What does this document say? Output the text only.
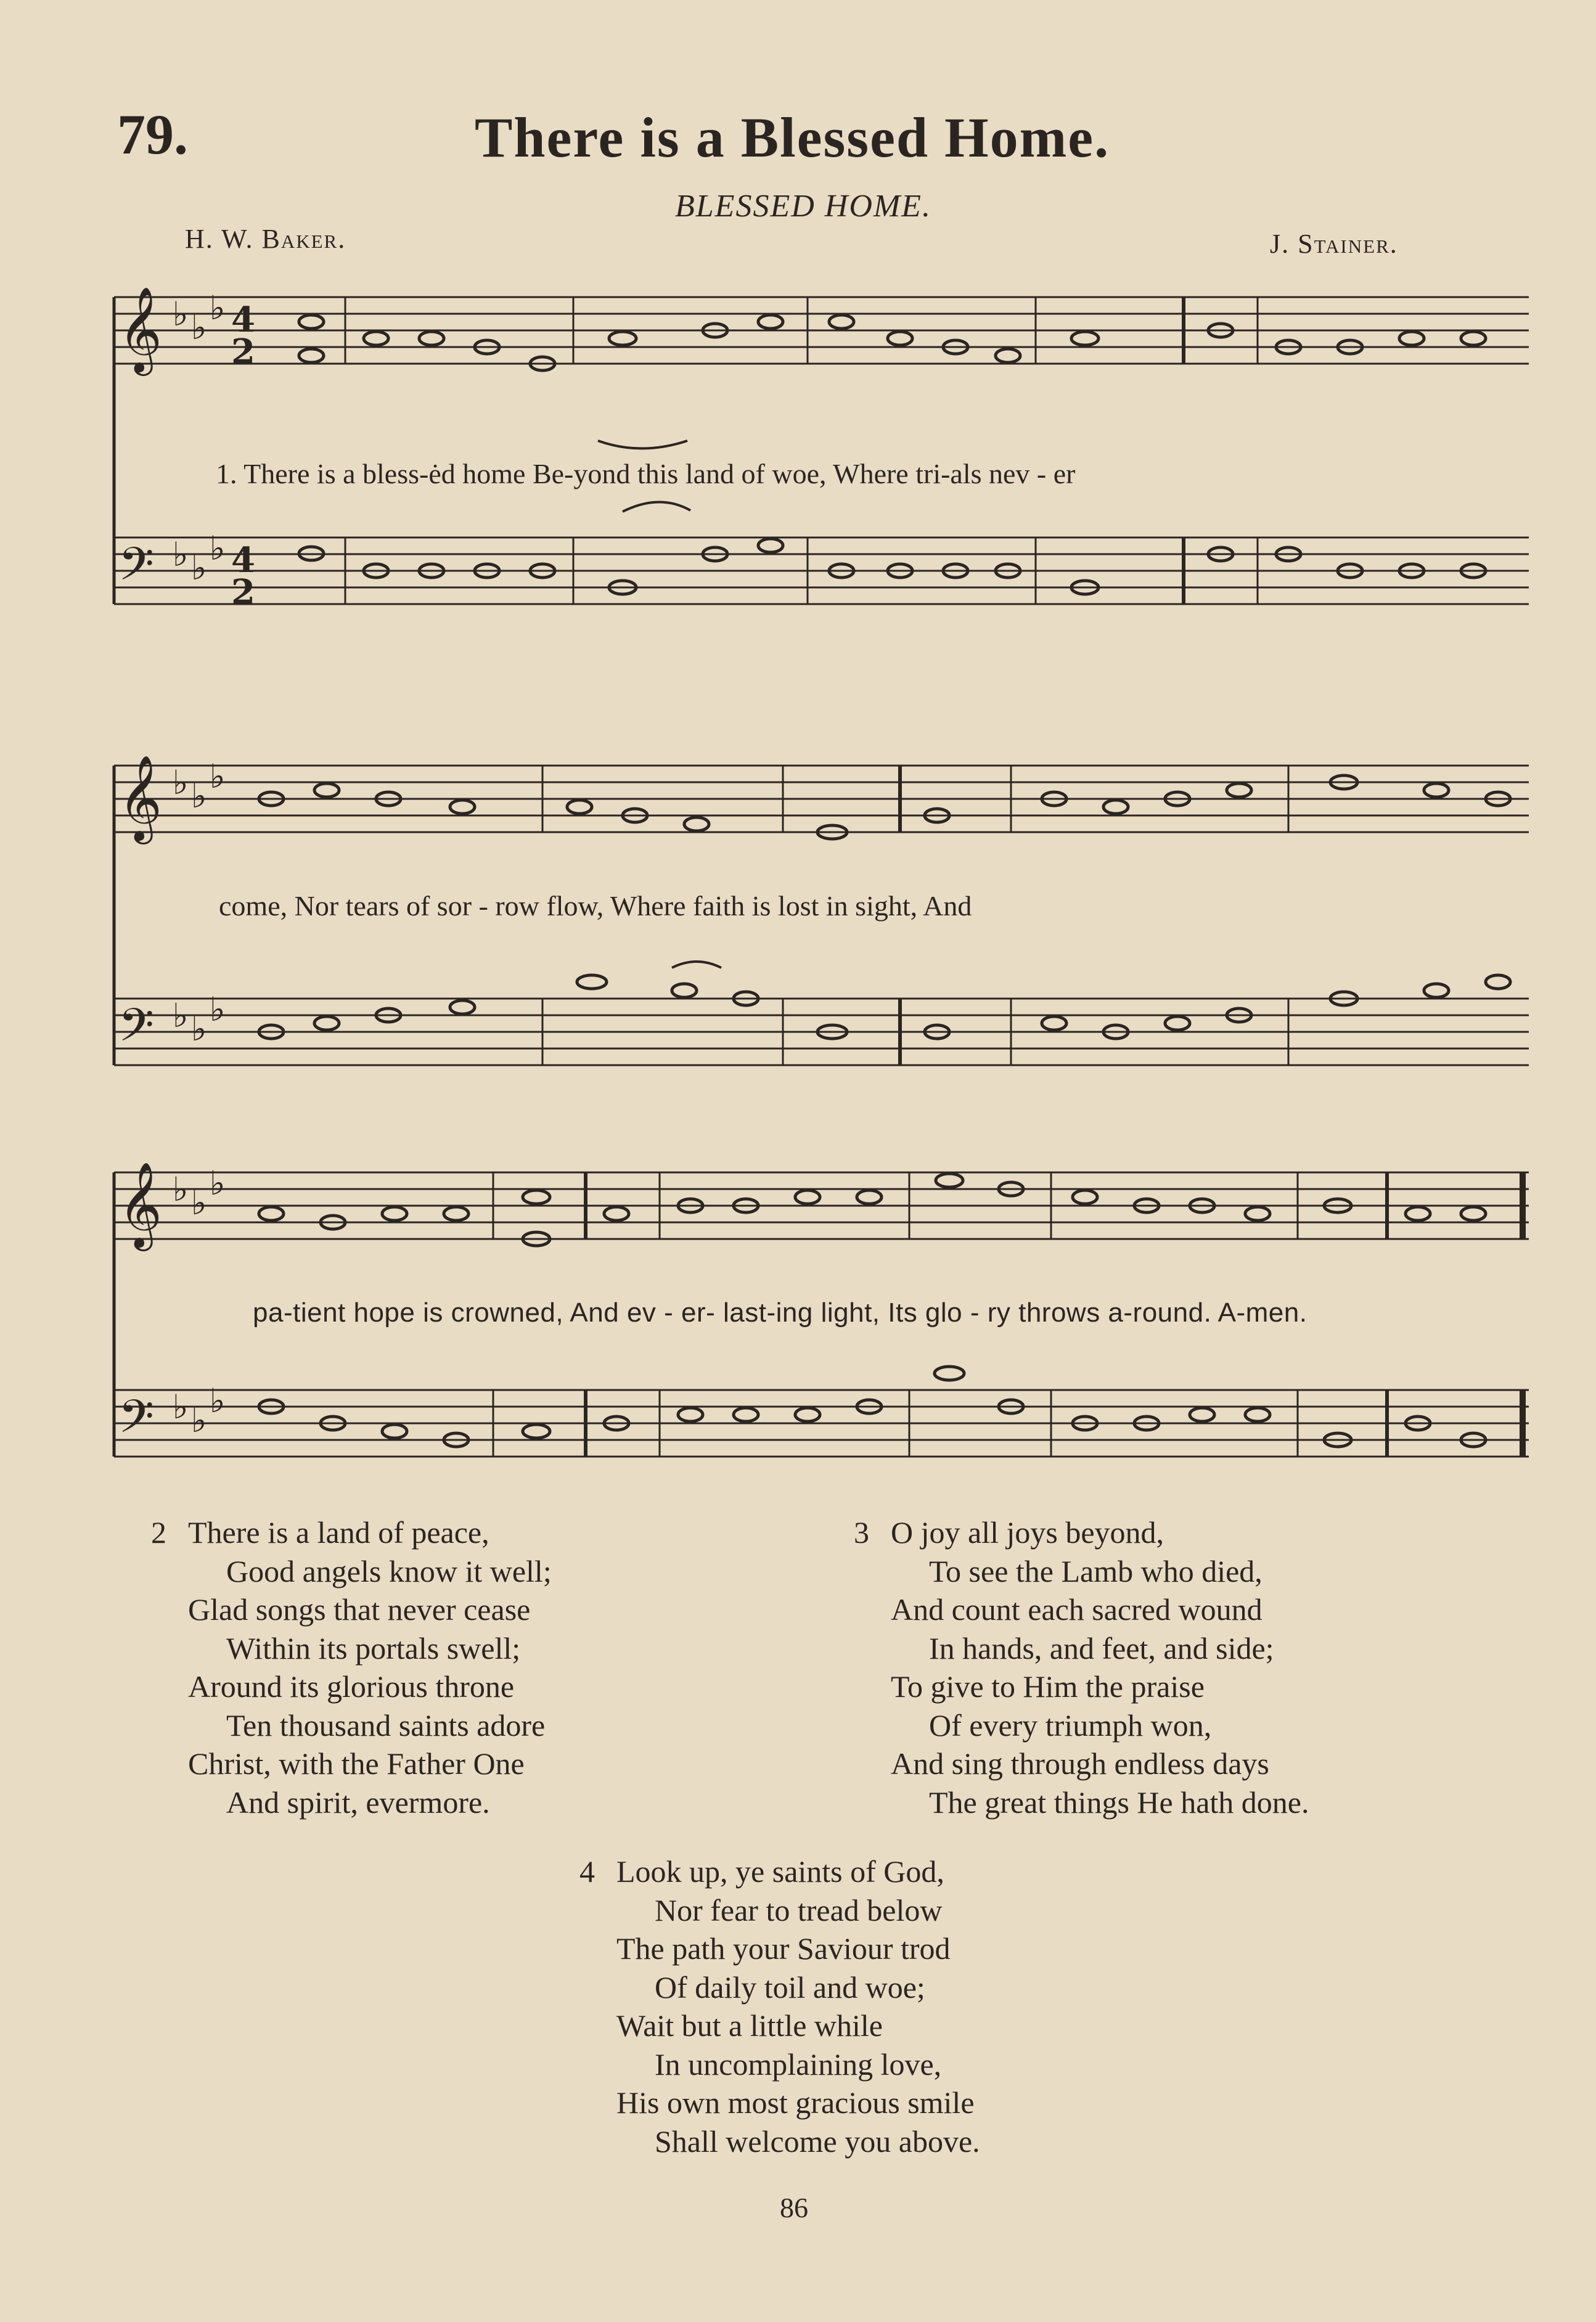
79.	There is a Blessed Home.
BLESSED HOME.
H. W. Baker.	J. Stainer.
𝄞
𝄢
♭ ♭
♭
♭ ♭
♭
4
2
4
2
1. There is a bless-ėd home Be-yond this land of woe, Where tri-als nev - er
𝄞
𝄢
♭ ♭
♭
♭ ♭
♭
come, Nor tears of sor - row flow, Where faith is lost in sight, And
𝄞
𝄢
♭ ♭
♭
♭ ♭
♭
pa-tient hope is crowned, And ev - er- last-ing light, Its glo - ry throws a-round. A-men.
2 There is a land of peace,
Good angels know it well;
Glad songs that never cease
Within its portals swell;
Around its glorious throne
Ten thousand saints adore
Christ, with the Father One
And spirit, evermore.
3 O joy all joys beyond,
To see the Lamb who died,
And count each sacred wound
In hands, and feet, and side;
To give to Him the praise
Of every triumph won,
And sing through endless days
The great things He hath done.
4 Look up, ye saints of God,
Nor fear to tread below
The path your Saviour trod
Of daily toil and woe;
Wait but a little while
In uncomplaining love,
His own most gracious smile
Shall welcome you above.
86
